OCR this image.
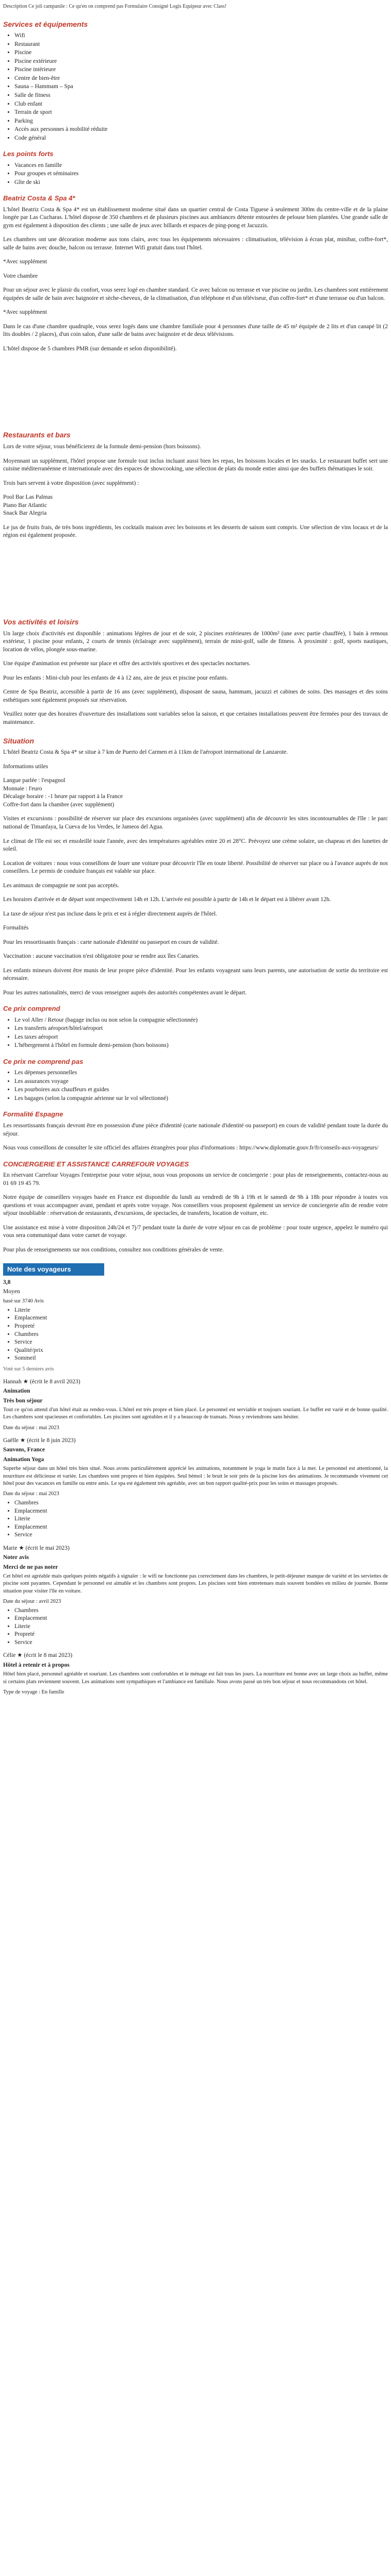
Description Ce joli campanile : Ce qu'en on comprend pas Formulaire Consigné Logis Equipeur avec Class!

Services et équipements
• Wifi
• Restaurant
• Piscine
• Piscine extérieure
• Piscine intérieure
• Centre de bien-être
• Sauna – Hammam – Spa
• Salle de fitness
• Club enfant
• Terrain de sport
• Parking
• Accès aux personnes à mobilité réduite
• Code général
Les points forts
• Vacances en famille
• Pour groupes et séminaires
• Gîte de ski
Beatriz Costa & Spa 4*

L'hôtel Beatriz Costa & Spa 4* est un établissement moderne situé dans un quartier central de Costa Tiguese à seulement 300m du centre-ville et de la plaine longée par Las Cucharas. L'hôtel dispose de 350 chambres et de plusieurs piscines aux ambiances détente entourées de pelouse bien plantées. Une grande salle de gym est également à disposition des clients ; une salle de jeux avec billards et espaces de ping-pong et Jacuzzis.

Les chambres ont une décoration moderne aux tons clairs, avec tous les équipements nécessaires : climatisation, télévision à écran plat, minibar, coffre-fort*, salle de bains avec douche, balcon ou terrasse. Internet Wifi gratuit dans tout l'hôtel.

*Avec supplément

Votre chambre

Pour un séjour avec le plaisir du confort, vous serez logé en chambre standard. Ce avec balcon ou terrasse et vue piscine ou jardin. Les chambres sont entièrement équipées de salle de bain avec baignoire et sèche-cheveux, de la climatisation, d'un téléphone et d'un téléviseur, d'un coffre-fort* et d'une terrasse ou d'un balcon.

*Avec supplément

Dans le cas d'une chambre quadruple, vous serez logés dans une chambre familiale pour 4 personnes d'une taille de 45 m² équipée de 2 lits et d'un canapé lit (2 lits doubles / 2 places), d'un coin salon, d'une salle de bains avec baignoire et de deux télévisions.

L'hôtel dispose de 5 chambres PMR (sur demande et selon disponibilité).

Restaurants et bars

Lors de votre séjour, vous bénéficierez de la formule demi-pension (hors boissons).

Moyennant un supplément, l'hôtel propose une formule tout inclus incluant aussi bien les repas, les boissons locales et les snacks. Le restaurant buffet sert une cuisine méditerranéenne et internationale avec des espaces de showcooking, une sélection de plats du monde entier ainsi que des buffets thématiques le soir.

Trois bars servent à votre disposition (avec supplément) :

Pool Bar Las Palmas
Piano Bar Atlantic
Snack Bar Alegria

Le jus de fruits frais, de très bons ingrédients, les cocktails maison avec les boissons et les desserts de saison sont compris. Une sélection de vins locaux et de la région est également proposée.

Vos activités et loisirs

Un large choix d'activités est disponible : animations légères de jour et de soir, 2 piscines extérieures de 1000m² (une avec partie chauffée), 1 bain à remous extérieur, 1 piscine pour enfants, 2 courts de tennis (éclairage avec supplément), terrain de mini-golf, salle de fitness. À proximité : golf, sports nautiques, location de vélos, plongée sous-marine.

Une équipe d'animation est présente sur place et offre des activités sportives et des spectacles nocturnes.

Pour les enfants : Mini-club pour les enfants de 4 à 12 ans, aire de jeux et piscine pour enfants.

Centre de Spa Beatriz, accessible à partir de 16 ans (avec supplément), disposant de sauna, hammam, jacuzzi et cabines de soins. Des massages et des soins esthétiques sont également proposés sur réservation.

Veuillez noter que des horaires d'ouverture des installations sont variables selon la saison, et que certaines installations peuvent être fermées pour des travaux de maintenance.

Situation

L'hôtel Beatriz Costa & Spa 4* se situe à 7 km de Puerto del Carmen et à 11km de l'aéroport international de Lanzarote.

Informations utiles

Langue parlée : l'espagnol
Monnaie : l'euro
Décalage horaire : -1 heure par rapport à la France
Coffre-fort dans la chambre (avec supplément)

Visites et excursions : possibilité de réserver sur place des excursions organisées (avec supplément) afin de découvrir les sites incontournables de l'île : le parc national de Timanfaya, la Cueva de los Verdes, le Jameos del Agua.

Le climat de l'île est sec et ensoleillé toute l'année, avec des températures agréables entre 20 et 28°C. Prévoyez une crème solaire, un chapeau et des lunettes de soleil.

Location de voitures : nous vous conseillons de louer une voiture pour découvrir l'île en toute liberté. Possibilité de réserver sur place ou à l'avance auprès de nos conseillers. Le permis de conduire français est valable sur place.

Les animaux de compagnie ne sont pas acceptés.

Les horaires d'arrivée et de départ sont respectivement 14h et 12h. L'arrivée est possible à partir de 14h et le départ est à libérer avant 12h.

La taxe de séjour n'est pas incluse dans le prix et est à régler directement auprès de l'hôtel.

Formalités

Pour les ressortissants français : carte nationale d'identité ou passeport en cours de validité.

Vaccination : aucune vaccination n'est obligatoire pour se rendre aux îles Canaries.

Les enfants mineurs doivent être munis de leur propre pièce d'identité. Pour les enfants voyageant sans leurs parents, une autorisation de sortie du territoire est nécessaire.

Pour les autres nationalités, merci de vous renseigner auprès des autorités compétentes avant le départ.

Ce prix comprend
• Le vol Aller / Retour (bagage inclus ou non selon la compagnie sélectionnée)
• Les transferts aéroport/hôtel/aéroport
• Les taxes aéroport
• L'hébergement à l'hôtel en formule demi-pension (hors boissons)
Ce prix ne comprend pas
• Les dépenses personnelles
• Les assurances voyage
• Les pourboires aux chauffeurs et guides
• Les bagages (selon la compagnie aérienne sur le vol sélectionné)
Formalité Espagne

Les ressortissants français devront être en possession d'une pièce d'identité (carte nationale d'identité ou passeport) en cours de validité pendant toute la durée du séjour.

Nous vous conseillons de consulter le site officiel des affaires étrangères pour plus d'informations : https://www.diplomatie.gouv.fr/fr/conseils-aux-voyageurs/

CONCIERGERIE ET ASSISTANCE CARREFOUR VOYAGES

En réservant Carrefour Voyages l'entreprise pour votre séjour, nous vous proposons un service de conciergerie : pour plus de renseignements, contactez-nous au 01 69 19 45 79.

Notre équipe de conseillers voyages basée en France est disponible du lundi au vendredi de 9h à 19h et le samedi de 9h à 18h pour répondre à toutes vos questions et vous accompagner avant, pendant et après votre voyage. Nos conseillers vous proposent également un service de conciergerie afin de rendre votre séjour inoubliable : réservation de restaurants, d'excursions, de spectacles, de transferts, location de voiture, etc.

Une assistance est mise à votre disposition 24h/24 et 7j/7 pendant toute la durée de votre séjour en cas de problème : pour toute urgence, appelez le numéro qui vous sera communiqué dans votre carnet de voyage.

Pour plus de renseignements sur nos conditions, consultez nos conditions générales de vente.

Note des voyageurs
3,8
Moyen
basé sur 3740 Avis
• Literie
• Emplacement
• Propreté
• Chambres
• Service
• Qualité/prix
• Sommeil
Voté sur 5 derniers avis
Hannah ★ (écrit le 8 avril 2023)
Animation
Très bon séjour
Tout ce qu'on attend d'un hôtel était au rendez-vous. L'hôtel est très propre et bien placé. Le personnel est serviable et toujours souriant. Le buffet est varié et de bonne qualité. Les chambres sont spacieuses et confortables. Les piscines sont agréables et il y a beaucoup de transats. Nous y reviendrons sans hésiter.
Date du séjour : mai 2023
Gaëlle ★ (écrit le 8 juin 2023)
Sauvons, France
Animation Yoga
Superbe séjour dans un hôtel très bien situé. Nous avons particulièrement apprécié les animations, notamment le yoga le matin face à la mer. Le personnel est attentionné, la nourriture est délicieuse et variée. Les chambres sont propres et bien équipées. Seul bémol : le bruit le soir près de la piscine lors des animations. Je recommande vivement cet hôtel pour des vacances en famille ou entre amis. Le spa est également très agréable, avec un bon rapport qualité-prix pour les soins et massages proposés.
Date du séjour : mai 2023
• Chambres
• Emplacement
• Literie
• Emplacement
• Service
Marie ★ (écrit le mai 2023)
Noter avis
Merci de ne pas noter
Cet hôtel est agréable mais quelques points négatifs à signaler : le wifi ne fonctionne pas correctement dans les chambres, le petit-déjeuner manque de variété et les serviettes de piscine sont payantes. Cependant le personnel est aimable et les chambres sont propres. Les piscines sont bien entretenues mais souvent bondées en milieu de journée. Bonne situation pour visiter l'île en voiture.
Date du séjour : avril 2023
• Chambres
• Emplacement
• Literie
• Propreté
• Service
Célie ★ (écrit le 8 mai 2023)
Hôtel à retenir et à propos
Hôtel bien placé, personnel agréable et souriant. Les chambres sont confortables et le ménage est fait tous les jours. La nourriture est bonne avec un large choix au buffet, même si certains plats reviennent souvent. Les animations sont sympathiques et l'ambiance est familiale. Nous avons passé un très bon séjour et nous recommandons cet hôtel.
Type de voyage : En famille
